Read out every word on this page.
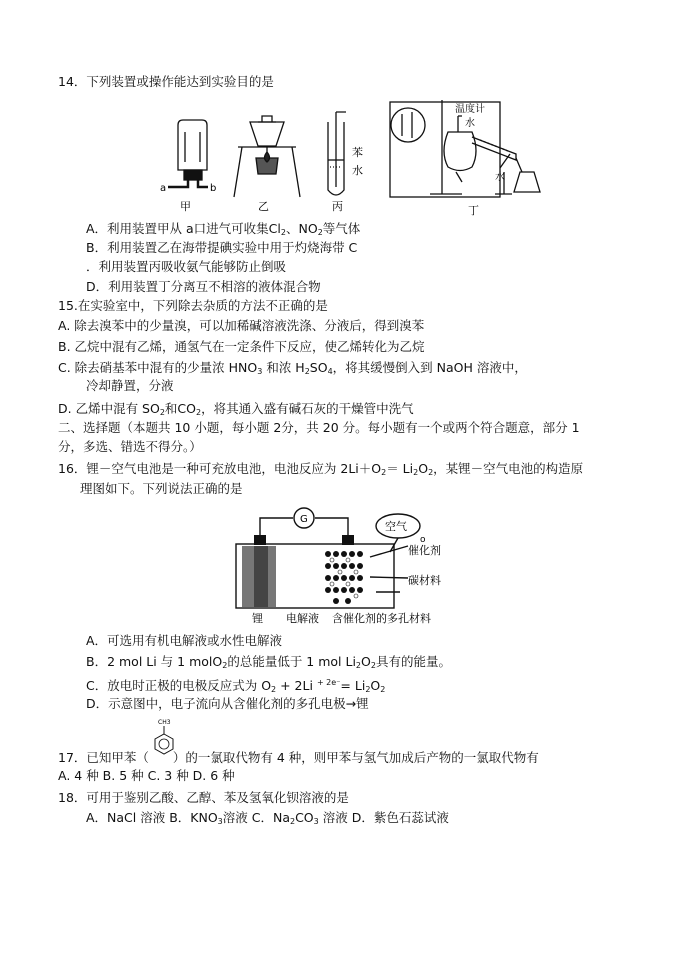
14．下列装置或操作能达到实验目的是
a	b
甲	乙
苯
水
丙
温度计
水
水
丁
A．利用装置甲从 a口进气可收集$Cl_2$、$NO_2$等气体
B．利用装置乙在海带提碘实验中用于灼烧海带 C
．利用装置丙吸收氨气能够防止倒吸
D．利用装置丁分离互不相溶的液体混合物
15.在实验室中，下列除去杂质的方法不正确的是
A. 除去溴苯中的少量溴，可以加稀碱溶液洗涤、分液后，得到溴苯
B. 乙烷中混有乙烯，通氢气在一定条件下反应，使乙烯转化为乙烷
C. 除去硝基苯中混有的少量浓 $HNO_3$ 和浓 $H_2SO_4$，将其缓慢倒入到 NaOH 溶液中，
冷却静置，分液
D. 乙烯中混有 $SO_2$和$CO_2$，将其通入盛有碱石灰的干燥管中洗气
二、选择题（本题共 10 小题，每小题 2分，共 20 分。每小题有一个或两个符合题意，部分 1
分，多选、错选不得分。）
16．锂－空气电池是一种可充放电池，电池反应为 $2Li+O_2= Li_2O_2$，某锂－空气电池的构造原
理图如下。下列说法正确的是
G
空气
o
催化剂
碳材料
锂 电解液 含催化剂的多孔材料
A．可选用有机电解液或水性电解液
B．2 mol Li 与 1 molO$_2$的总能量低于 1 mol $Li_2O_2$具有的能量。
C．放电时正极的电极反应式为 $O_2 + 2Li$ $^{+ 2e^-}= Li_2O_2$
D．示意图中，电子流向从含催化剂的多孔电极→锂
CH3
17．已知甲苯（ ）的一氯取代物有 4 种，则甲苯与氢气加成后产物的一氯取代物有
A. 4 种 B. 5 种 C. 3 种 D. 6 种
18．可用于鉴别乙酸、乙醇、苯及氢氧化钡溶液的是
A．NaCl 溶液 B．$KNO_3$溶液 C．$Na_2CO_3$ 溶液 D．紫色石蕊试液
